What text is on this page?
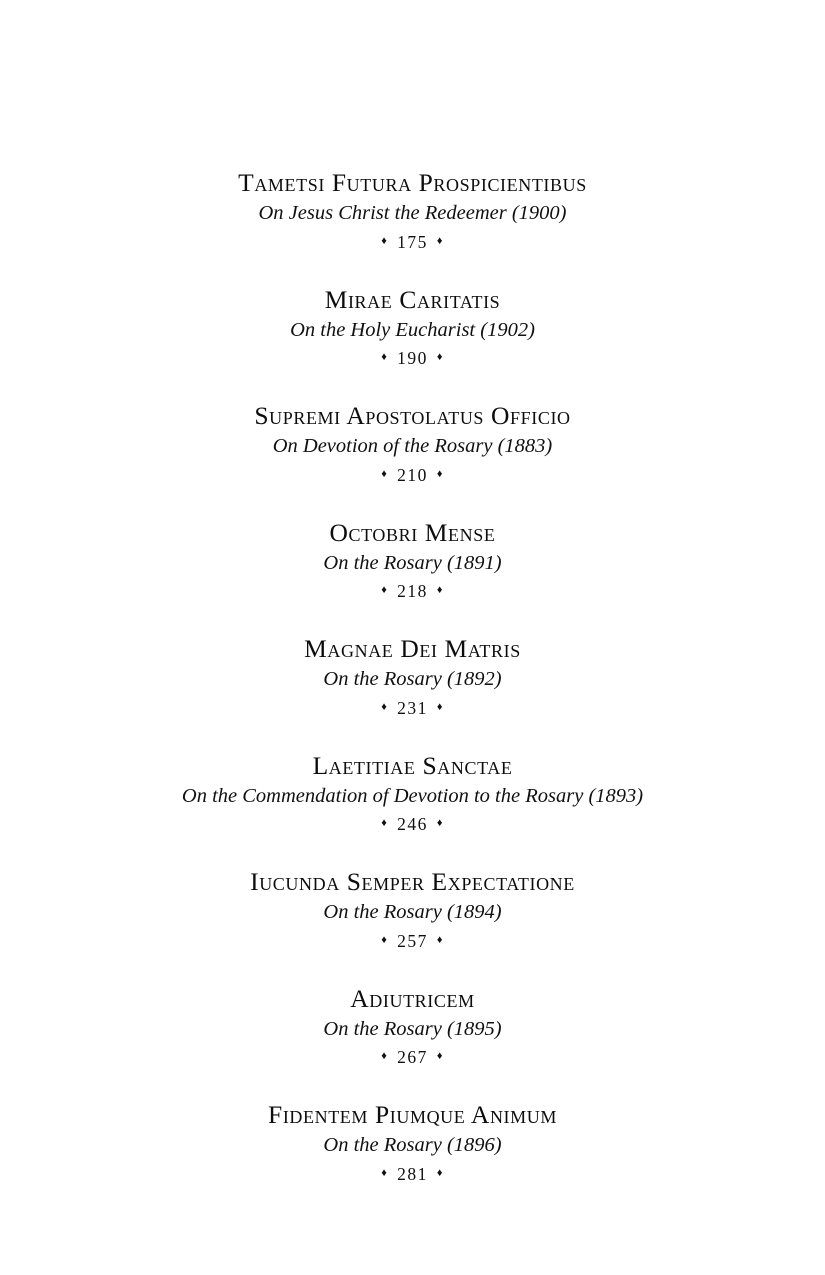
Tametsi Futura Prospicientibus
On Jesus Christ the Redeemer (1900)
♦ 175 ♦
Mirae Caritatis
On the Holy Eucharist (1902)
♦ 190 ♦
Supremi Apostolatus Officio
On Devotion of the Rosary (1883)
♦ 210 ♦
Octobri Mense
On the Rosary (1891)
♦ 218 ♦
Magnae Dei Matris
On the Rosary (1892)
♦ 231 ♦
Laetitiae Sanctae
On the Commendation of Devotion to the Rosary (1893)
♦ 246 ♦
Iucunda Semper Expectatione
On the Rosary (1894)
♦ 257 ♦
Adiutricem
On the Rosary (1895)
♦ 267 ♦
Fidentem Piumque Animum
On the Rosary (1896)
♦ 281 ♦
